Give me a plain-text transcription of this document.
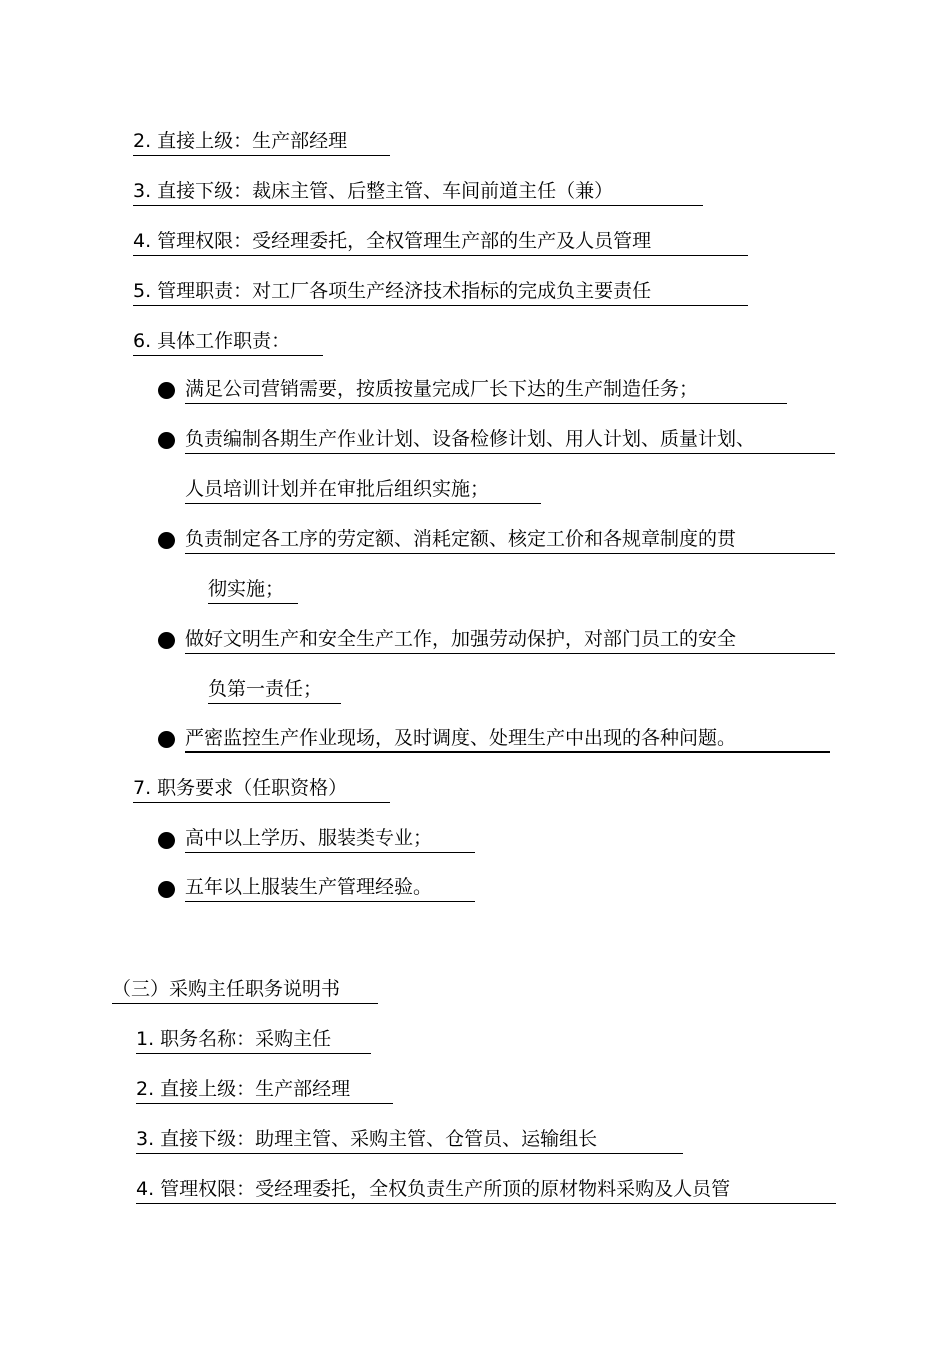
2. 直接上级：生产部经理
3. 直接下级：裁床主管、后整主管、车间前道主任（兼）
4. 管理权限：受经理委托，全权管理生产部的生产及人员管理
5. 管理职责：对工厂各项生产经济技术指标的完成负主要责任
6. 具体工作职责：
满足公司营销需要，按质按量完成厂长下达的生产制造任务；
负责编制各期生产作业计划、设备检修计划、用人计划、质量计划、
人员培训计划并在审批后组织实施；
负责制定各工序的劳定额、消耗定额、核定工价和各规章制度的贯
彻实施；
做好文明生产和安全生产工作，加强劳动保护，对部门员工的安全
负第一责任；
严密监控生产作业现场，及时调度、处理生产中出现的各种问题。
7. 职务要求（任职资格）
高中以上学历、服装类专业；
五年以上服装生产管理经验。
（三）采购主任职务说明书
1. 职务名称：采购主任
2. 直接上级：生产部经理
3. 直接下级：助理主管、采购主管、仓管员、运输组长
4. 管理权限：受经理委托，全权负责生产所顶的原材物料采购及人员管
